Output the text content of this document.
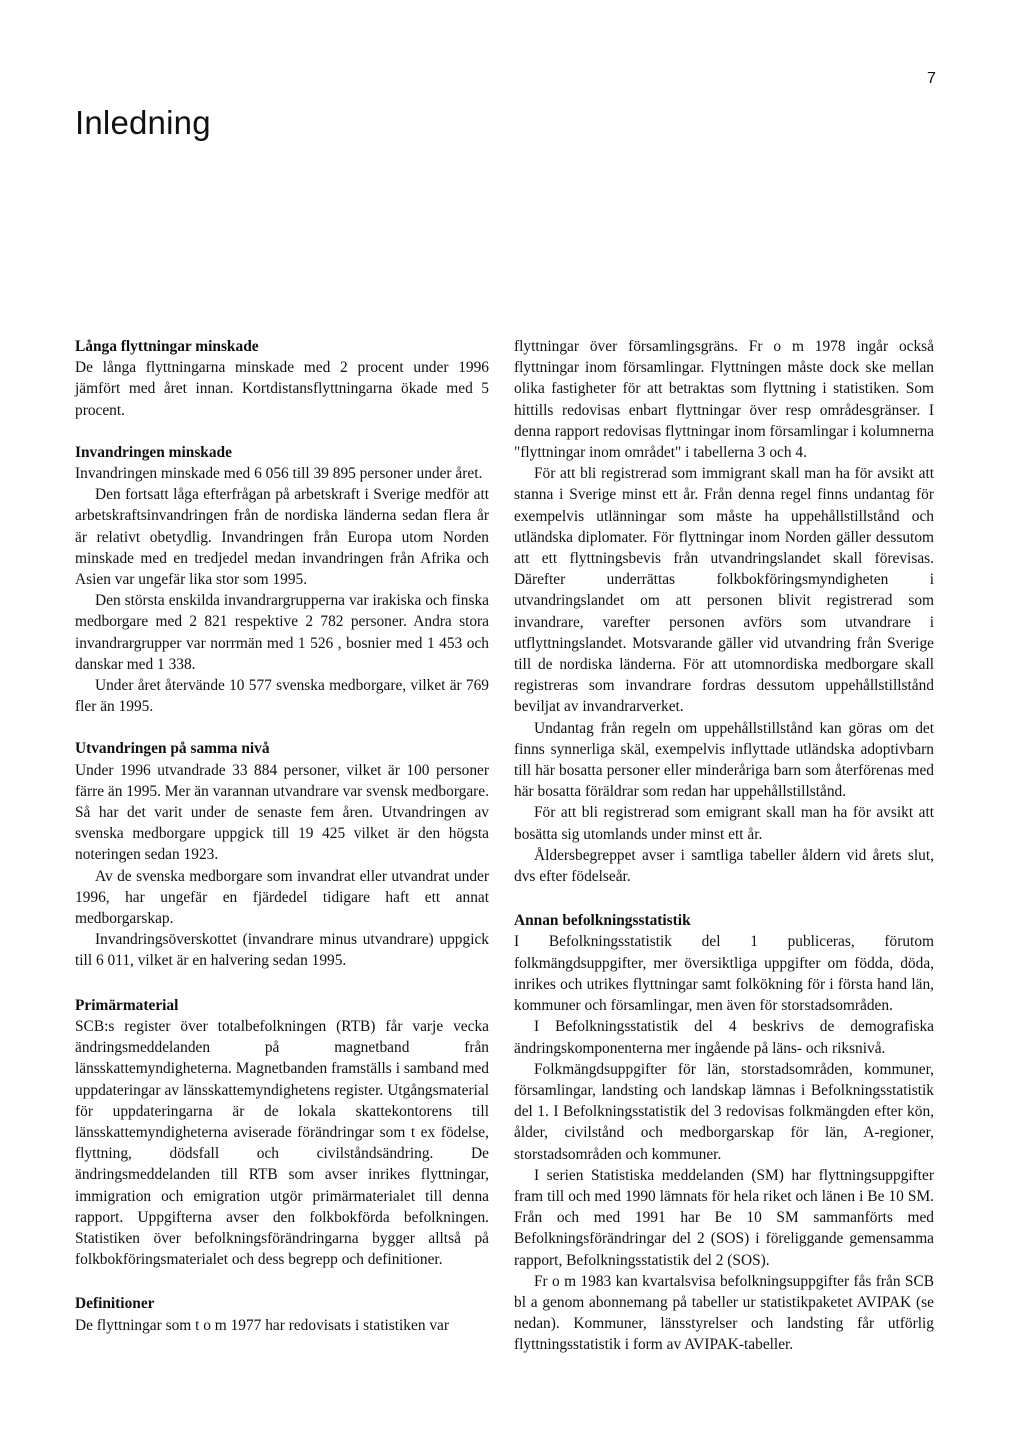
7
Inledning
Långa flyttningar minskade

De långa flyttningarna minskade med 2 procent under 1996 jämfört med året innan. Kortdistansflyttningarna ökade med 5 procent.

Invandringen minskade

Invandringen minskade med 6 056 till 39 895 personer under året.

Den fortsatt låga efterfrågan på arbetskraft i Sverige medför att arbetskraftsinvandringen från de nordiska länderna sedan flera år är relativt obetydlig. Invandringen från Europa utom Norden minskade med en tredjedel medan invandringen från Afrika och Asien var ungefär lika stor som 1995.

Den största enskilda invandrargrupperna var irakiska och finska medborgare med 2 821 respektive 2 782 personer. Andra stora invandrargrupper var norrmän med 1 526 , bosnier med 1 453 och danskar med 1 338.

Under året återvände 10 577 svenska medborgare, vilket är 769 fler än 1995.

Utvandringen på samma nivå

Under 1996 utvandrade 33 884 personer, vilket är 100 personer färre än 1995. Mer än varannan utvandrare var svensk medborgare. Så har det varit under de senaste fem åren. Utvandringen av svenska medborgare uppgick till 19 425 vilket är den högsta noteringen sedan 1923.

Av de svenska medborgare som invandrat eller utvandrat under 1996, har ungefär en fjärdedel tidigare haft ett annat medborgarskap.

Invandringsöverskottet (invandrare minus utvandrare) uppgick till 6 011, vilket är en halvering sedan 1995.

Primärmaterial

SCB:s register över totalbefolkningen (RTB) får varje vecka ändringsmeddelanden på magnetband från länsskattemyndigheterna. Magnetbanden framställs i samband med uppdateringar av länsskattemyndighetens register. Utgångsmaterial för uppdateringarna är de lokala skattekontorens till länsskattemyndigheterna aviserade förändringar som t ex födelse, flyttning, dödsfall och civilståndsändring. De ändringsmeddelanden till RTB som avser inrikes flyttningar, immigration och emigration utgör primärmaterialet till denna rapport. Uppgifterna avser den folkbokförda befolkningen. Statistiken över befolkningsförändringarna bygger alltså på folkbokföringsmaterialet och dess begrepp och definitioner.

Definitioner

De flyttningar som t o m 1977 har redovisats i statistiken var

flyttningar över församlingsgräns. Fr o m 1978 ingår också flyttningar inom församlingar. Flyttningen måste dock ske mellan olika fastigheter för att betraktas som flyttning i statistiken. Som hittills redovisas enbart flyttningar över resp områdesgränser. I denna rapport redovisas flyttningar inom församlingar i kolumnerna "flyttningar inom området" i tabellerna 3 och 4.

För att bli registrerad som immigrant skall man ha för avsikt att stanna i Sverige minst ett år. Från denna regel finns undantag för exempelvis utlänningar som måste ha uppehållstillstånd och utländska diplomater. För flyttningar inom Norden gäller dessutom att ett flyttningsbevis från utvandringslandet skall förevisas. Därefter underrättas folkbokföringsmyndigheten i utvandringslandet om att personen blivit registrerad som invandrare, varefter personen avförs som utvandrare i utflyttningslandet. Motsvarande gäller vid utvandring från Sverige till de nordiska länderna. För att utomnordiska medborgare skall registreras som invandrare fordras dessutom uppehållstillstånd beviljat av invandrarverket.

Undantag från regeln om uppehållstillstånd kan göras om det finns synnerliga skäl, exempelvis inflyttade utländska adoptivbarn till här bosatta personer eller minderåriga barn som återförenas med här bosatta föräldrar som redan har uppehållstillstånd.

För att bli registrerad som emigrant skall man ha för avsikt att bosätta sig utomlands under minst ett år.

Åldersbegreppet avser i samtliga tabeller åldern vid årets slut, dvs efter födelseår.

Annan befolkningsstatistik

I Befolkningsstatistik del 1 publiceras, förutom folkmängdsuppgifter, mer översiktliga uppgifter om födda, döda, inrikes och utrikes flyttningar samt folkökning för i första hand län, kommuner och församlingar, men även för storstadsområden.

I Befolkningsstatistik del 4 beskrivs de demografiska ändringskomponenterna mer ingående på läns- och riksnivå.

Folkmängdsuppgifter för län, storstadsområden, kommuner, församlingar, landsting och landskap lämnas i Befolkningsstatistik del 1. I Befolkningsstatistik del 3 redovisas folkmängden efter kön, ålder, civilstånd och medborgarskap för län, A-regioner, storstadsområden och kommuner.

I serien Statistiska meddelanden (SM) har flyttningsuppgifter fram till och med 1990 lämnats för hela riket och länen i Be 10 SM. Från och med 1991 har Be 10 SM sammanförts med Befolkningsförändringar del 2 (SOS) i föreliggande gemensamma rapport, Befolkningsstatistik del 2 (SOS).

Fr o m 1983 kan kvartalsvisa befolkningsuppgifter fås från SCB bl a genom abonnemang på tabeller ur statistikpaketet AVIPAK (se nedan). Kommuner, länsstyrelser och landsting får utförlig flyttningsstatistik i form av AVIPAK-tabeller.
